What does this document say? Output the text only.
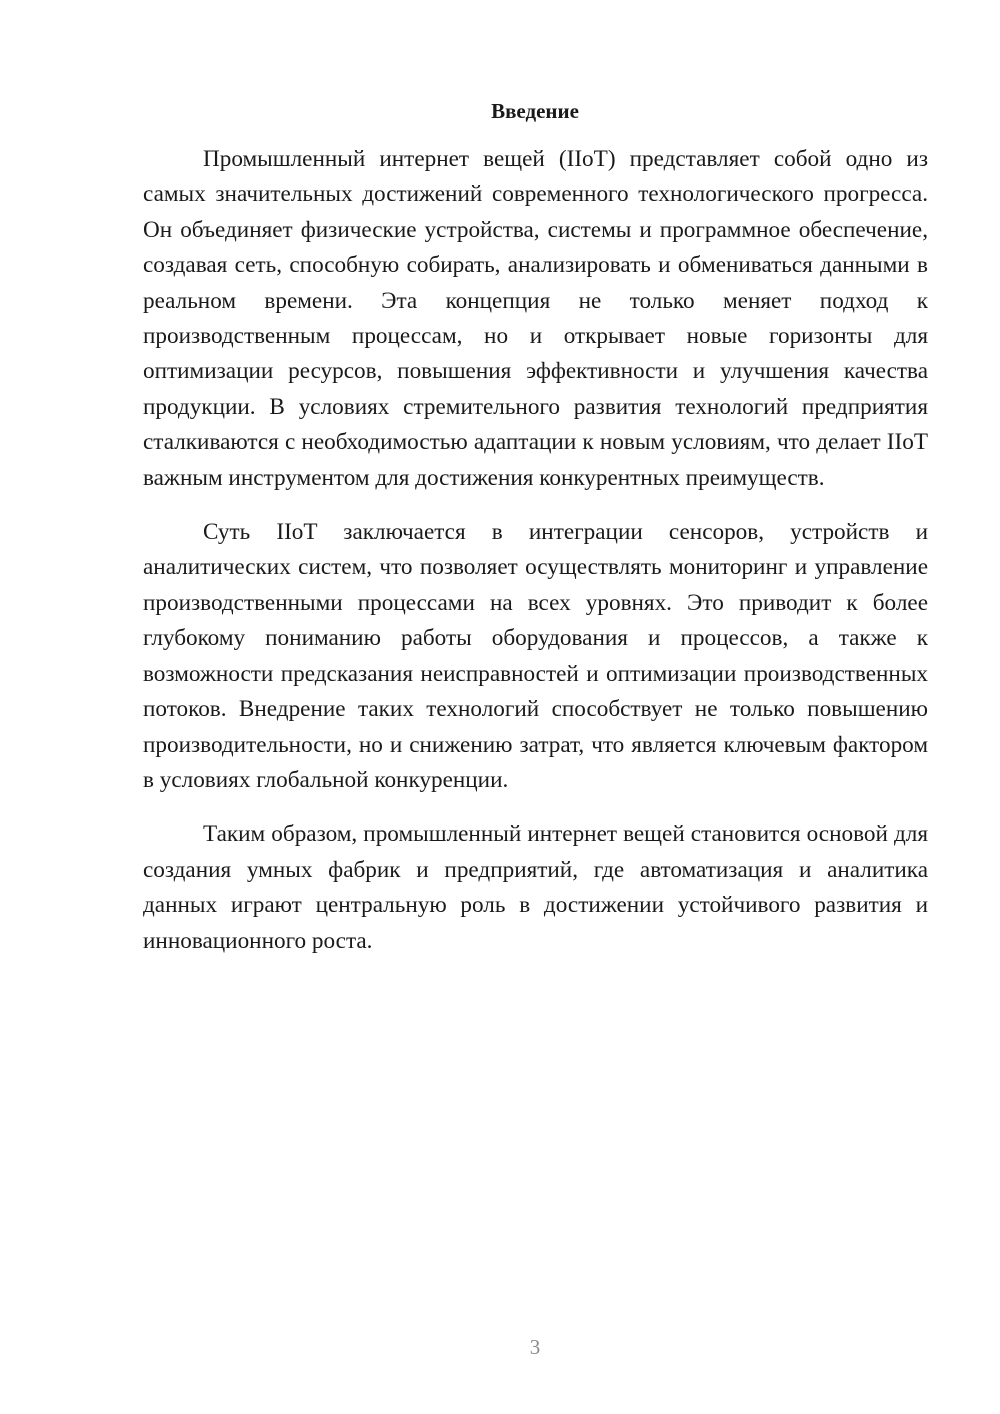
Введение

Промышленный интернет вещей (IIoT) представляет собой одно из самых значительных достижений современного технологического прогресса. Он объединяет физические устройства, системы и программное обеспечение, создавая сеть, способную собирать, анализировать и обмениваться данными в реальном времени. Эта концепция не только меняет подход к производственным процессам, но и открывает новые горизонты для оптимизации ресурсов, повышения эффективности и улучшения качества продукции. В условиях стремительного развития технологий предприятия сталкиваются с необходимостью адаптации к новым условиям, что делает IIoT важным инструментом для достижения конкурентных преимуществ.

Суть IIoT заключается в интеграции сенсоров, устройств и аналитических систем, что позволяет осуществлять мониторинг и управление производственными процессами на всех уровнях. Это приводит к более глубокому пониманию работы оборудования и процессов, а также к возможности предсказания неисправностей и оптимизации производственных потоков. Внедрение таких технологий способствует не только повышению производительности, но и снижению затрат, что является ключевым фактором в условиях глобальной конкуренции.

Таким образом, промышленный интернет вещей становится основой для создания умных фабрик и предприятий, где автоматизация и аналитика данных играют центральную роль в достижении устойчивого развития и инновационного роста.

3
